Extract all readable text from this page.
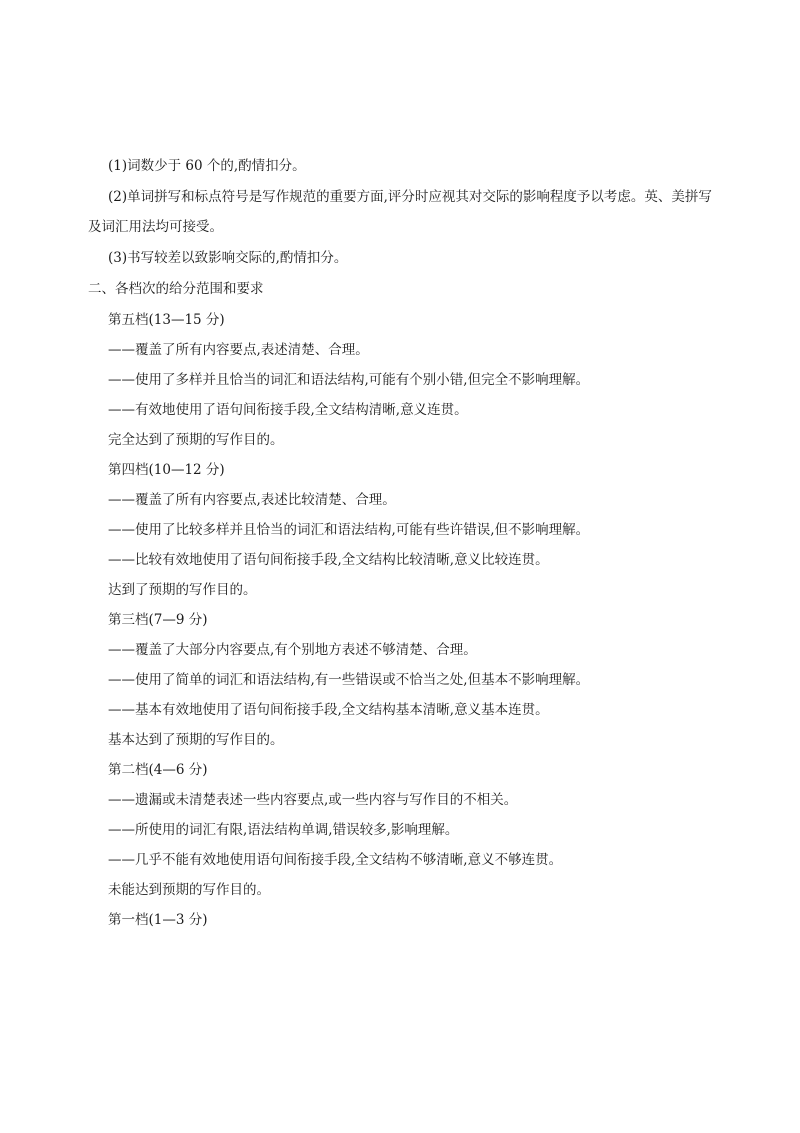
(1)词数少于 60 个的,酌情扣分。
(2)单词拼写和标点符号是写作规范的重要方面,评分时应视其对交际的影响程度予以考虑。英、美拼写
及词汇用法均可接受。
(3)书写较差以致影响交际的,酌情扣分。
二、各档次的给分范围和要求
第五档(13—15 分)
——覆盖了所有内容要点,表述清楚、合理。
——使用了多样并且恰当的词汇和语法结构,可能有个别小错,但完全不影响理解。
——有效地使用了语句间衔接手段,全文结构清晰,意义连贯。
完全达到了预期的写作目的。
第四档(10—12 分)
——覆盖了所有内容要点,表述比较清楚、合理。
——使用了比较多样并且恰当的词汇和语法结构,可能有些许错误,但不影响理解。
——比较有效地使用了语句间衔接手段,全文结构比较清晰,意义比较连贯。
达到了预期的写作目的。
第三档(7—9 分)
——覆盖了大部分内容要点,有个别地方表述不够清楚、合理。
——使用了简单的词汇和语法结构,有一些错误或不恰当之处,但基本不影响理解。
——基本有效地使用了语句间衔接手段,全文结构基本清晰,意义基本连贯。
基本达到了预期的写作目的。
第二档(4—6 分)
——遗漏或未清楚表述一些内容要点,或一些内容与写作目的不相关。
——所使用的词汇有限,语法结构单调,错误较多,影响理解。
——几乎不能有效地使用语句间衔接手段,全文结构不够清晰,意义不够连贯。
未能达到预期的写作目的。
第一档(1—3 分)
